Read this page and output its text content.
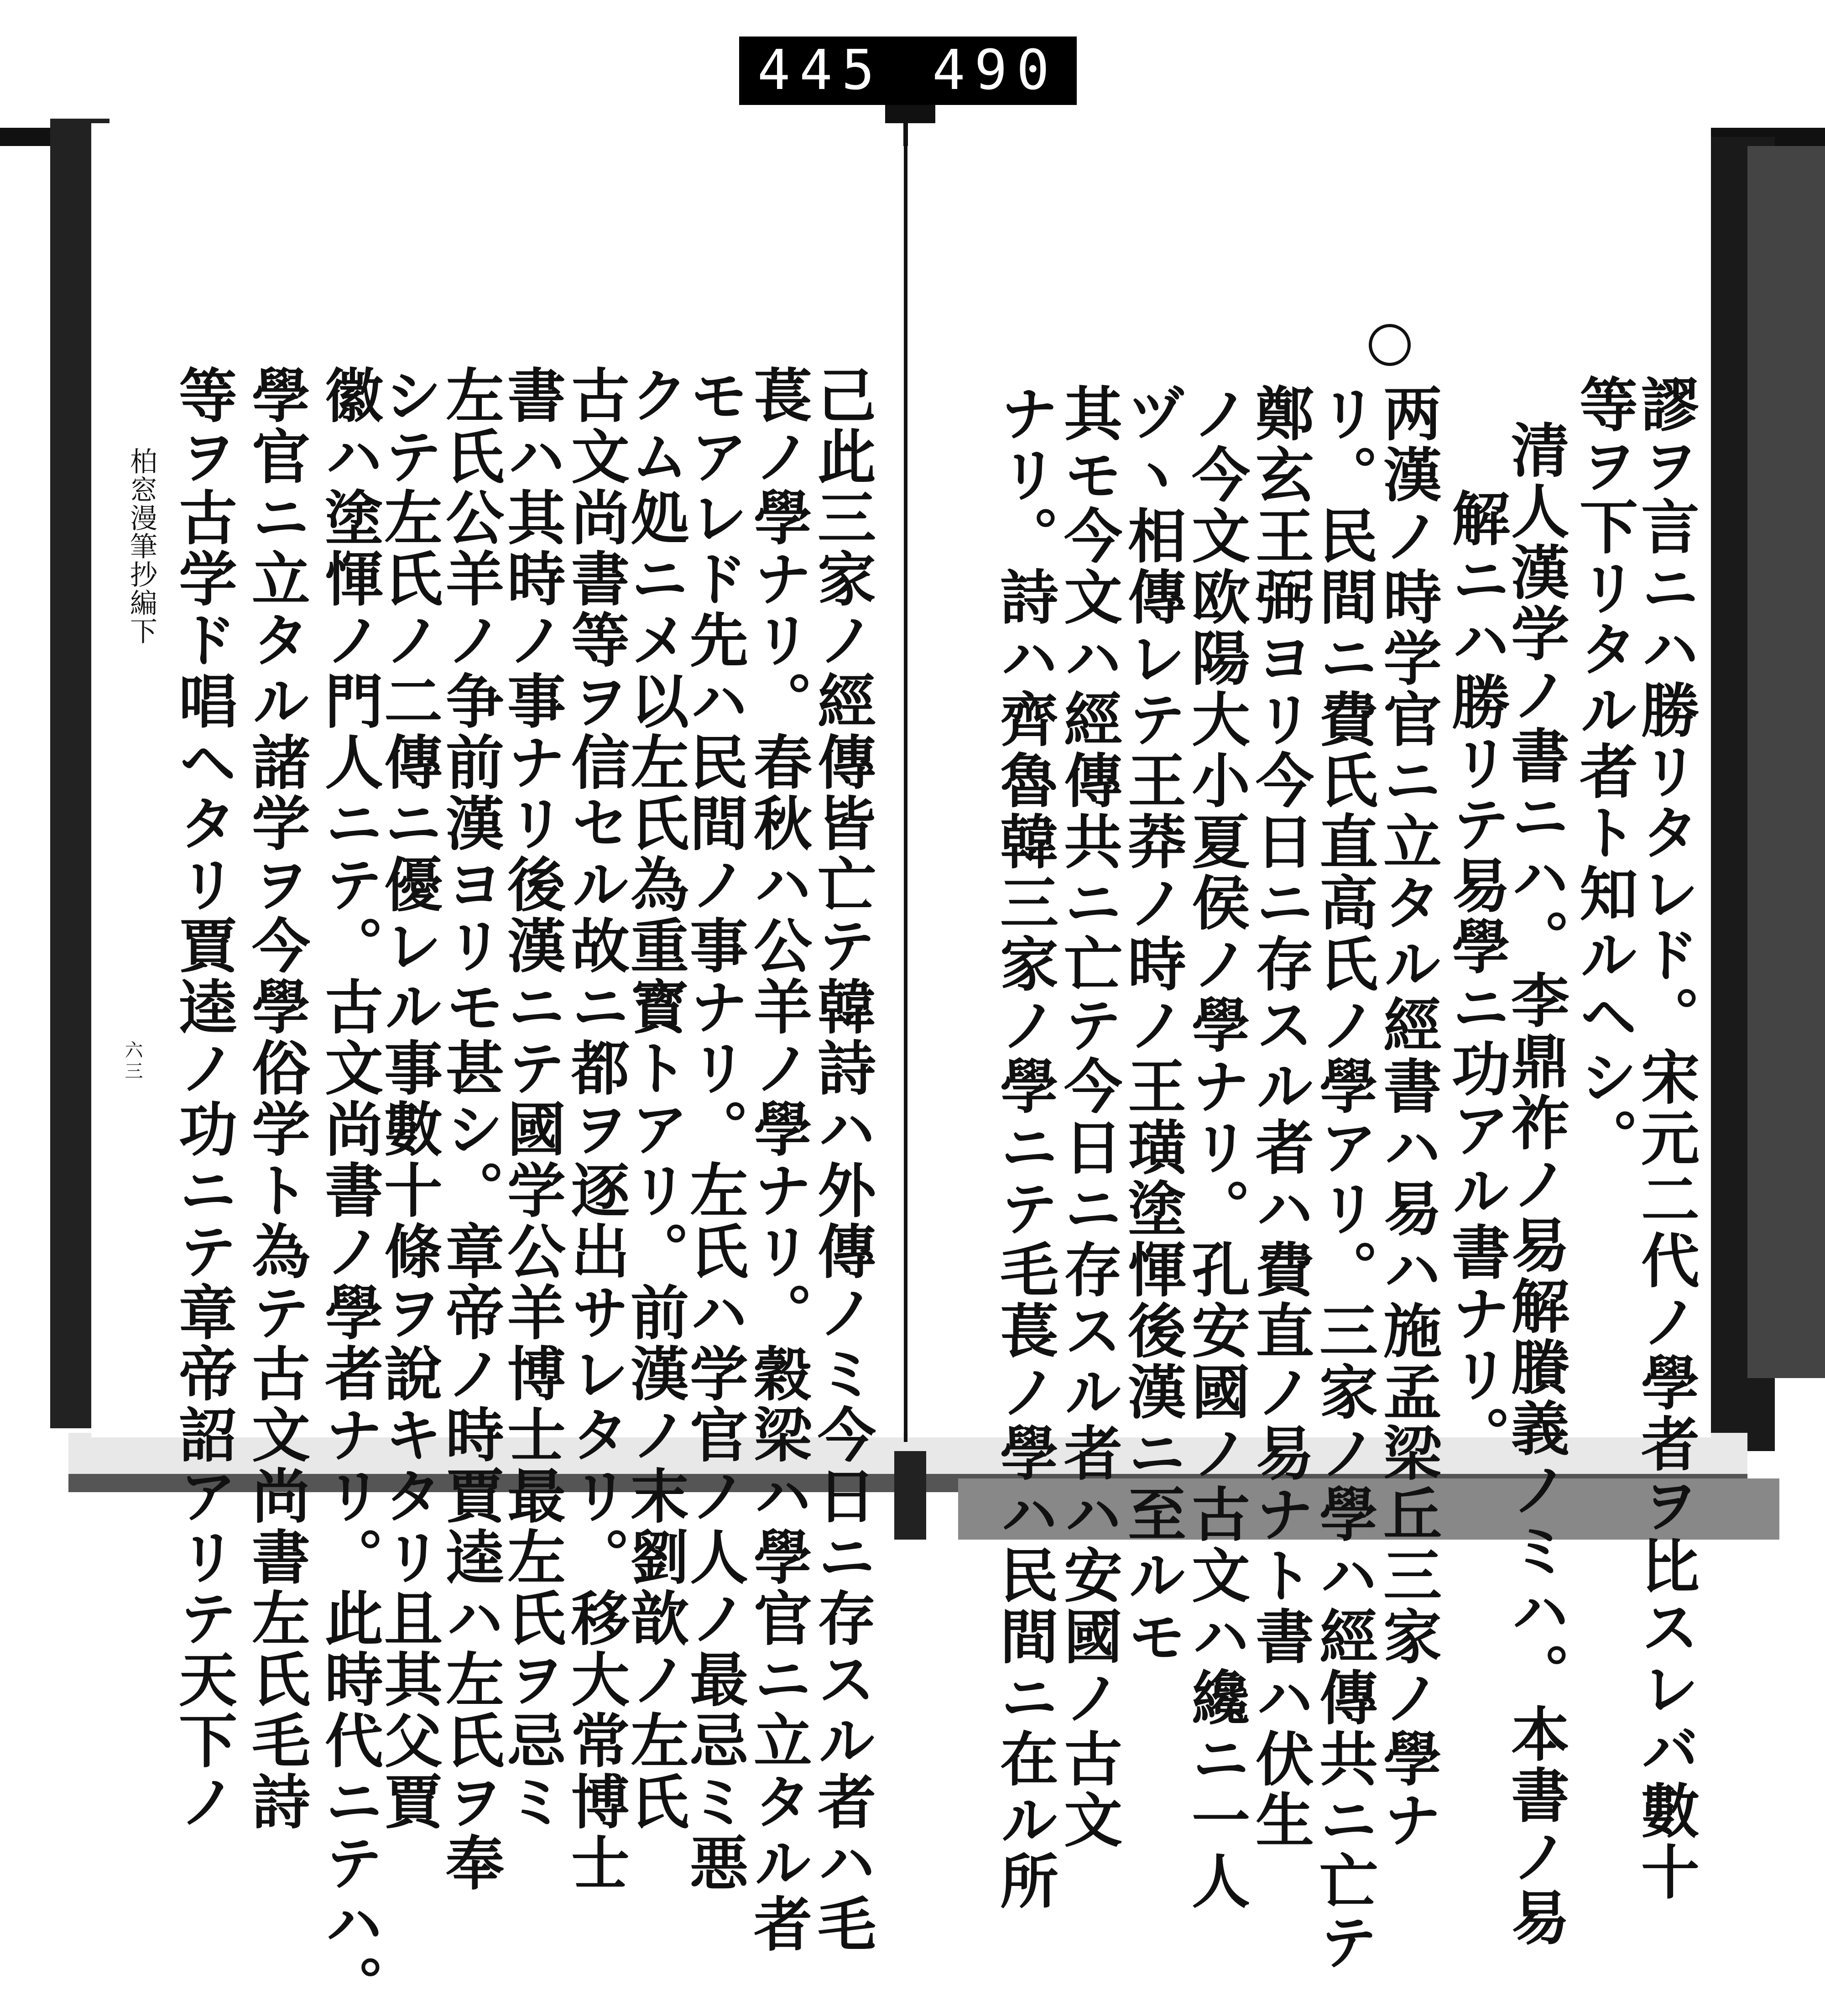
445 490
謬ヲ言ニハ勝リタレド。宋元二代ノ學者ヲ比スレバ數十
等ヲ下リタル者ト知ルヘシ。
清人漢学ノ書ニハ。李鼎祚ノ易解賸義ノミハ。本書ノ易
解ニハ勝リテ易學ニ功アル書ナリ。
两漢ノ時学官ニ立タル經書ハ易ハ施孟梁丘三家ノ學ナ
リ。民間ニ費氏直高氏ノ學アリ。三家ノ學ハ經傳共ニ亡テ
鄭玄王弼ヨリ今日ニ存スル者ハ費直ノ易ナト書ハ伏生
ノ今文欧陽大小夏侯ノ學ナリ。孔安國ノ古文ハ纔ニ一人
ヅヽ相傳レテ王莽ノ時ノ王璜塗惲後漢ニ至ルモ
其モ今文ハ經傳共ニ亡テ今日ニ存スル者ハ安國ノ古文
ナリ。詩ハ齊魯韓三家ノ學ニテ毛萇ノ學ハ民間ニ在ル所
己此三家ノ經傳皆亡テ韓詩ハ外傳ノミ今日ニ存スル者ハ毛
萇ノ學ナリ。春秋ハ公羊ノ學ナリ。穀梁ハ學官ニ立タル者
モアレド先ハ民間ノ事ナリ。左氏ハ学官ノ人ノ最忌ミ悪
クム処ニメ以左氏為重寳トアリ。前漢ノ末劉歆ノ左氏
古文尚書等ヲ信セル故ニ都ヲ逐出サレタリ。移大常博士
書ハ其時ノ事ナリ後漢ニテ國学公羊博士最左氏ヲ忌ミ
左氏公羊ノ争前漢ヨリモ甚シ。章帝ノ時賈逵ハ左氏ヲ奉
シテ左氏ノ二傳ニ優レル事數十條ヲ說キタリ且其父賈
徽ハ塗惲ノ門人ニテ。古文尚書ノ學者ナリ。此時代ニテハ。
學官ニ立タル諸学ヲ今學俗学ト為テ古文尚書左氏毛詩
等ヲ古学ド唱ヘタリ賈逵ノ功ニテ章帝詔アリテ天下ノ
柏窓漫筆抄編下
六三
